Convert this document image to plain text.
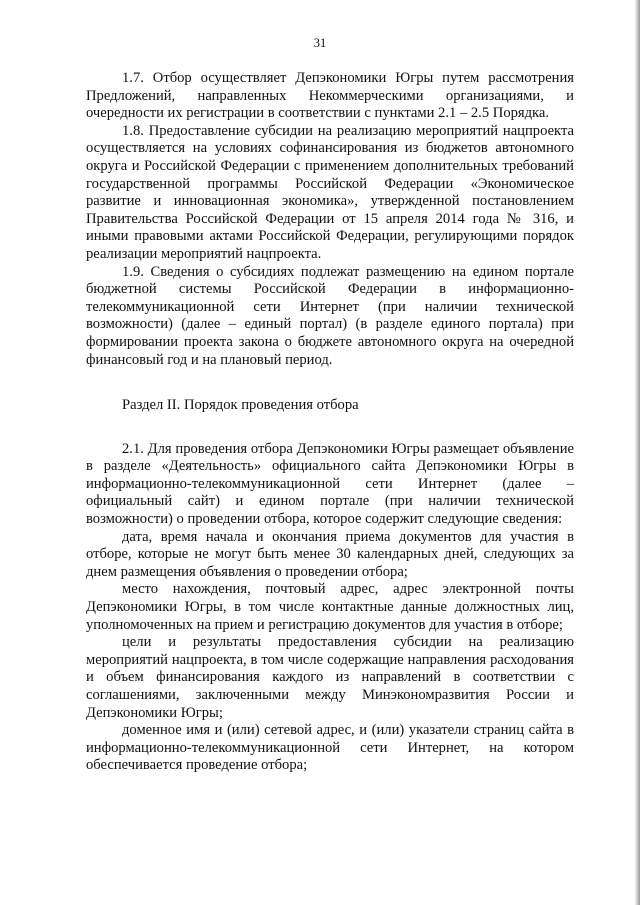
31

1.7. Отбор осуществляет Депэкономики Югры путем рассмотрения Предложений, направленных Некоммерческими организациями, и очередности их регистрации в соответствии с пунктами 2.1 – 2.5 Порядка.

1.8. Предоставление субсидии на реализацию мероприятий нацпроекта осуществляется на условиях софинансирования из бюджетов автономного округа и Российской Федерации с применением дополнительных требований государственной программы Российской Федерации «Экономическое развитие и инновационная экономика», утвержденной постановлением Правительства Российской Федерации от 15 апреля 2014 года № 316, и иными правовыми актами Российской Федерации, регулирующими порядок реализации мероприятий нацпроекта.

1.9. Сведения о субсидиях подлежат размещению на едином портале бюджетной системы Российской Федерации в информационно-телекоммуникационной сети Интернет (при наличии технической возможности) (далее – единый портал) (в разделе единого портала) при формировании проекта закона о бюджете автономного округа на очередной финансовый год и на плановый период.

Раздел II. Порядок проведения отбора

2.1. Для проведения отбора Депэкономики Югры размещает объявление в разделе «Деятельность» официального сайта Депэкономики Югры в информационно-телекоммуникационной сети Интернет (далее – официальный сайт) и едином портале (при наличии технической возможности) о проведении отбора, которое содержит следующие сведения:

дата, время начала и окончания приема документов для участия в отборе, которые не могут быть менее 30 календарных дней, следующих за днем размещения объявления о проведении отбора;

место нахождения, почтовый адрес, адрес электронной почты Депэкономики Югры, в том числе контактные данные должностных лиц, уполномоченных на прием и регистрацию документов для участия в отборе;

цели и результаты предоставления субсидии на реализацию мероприятий нацпроекта, в том числе содержащие направления расходования и объем финансирования каждого из направлений в соответствии с соглашениями, заключенными между Минэкономразвития России и Депэкономики Югры;

доменное имя и (или) сетевой адрес, и (или) указатели страниц сайта в информационно-телекоммуникационной сети Интернет, на котором обеспечивается проведение отбора;
